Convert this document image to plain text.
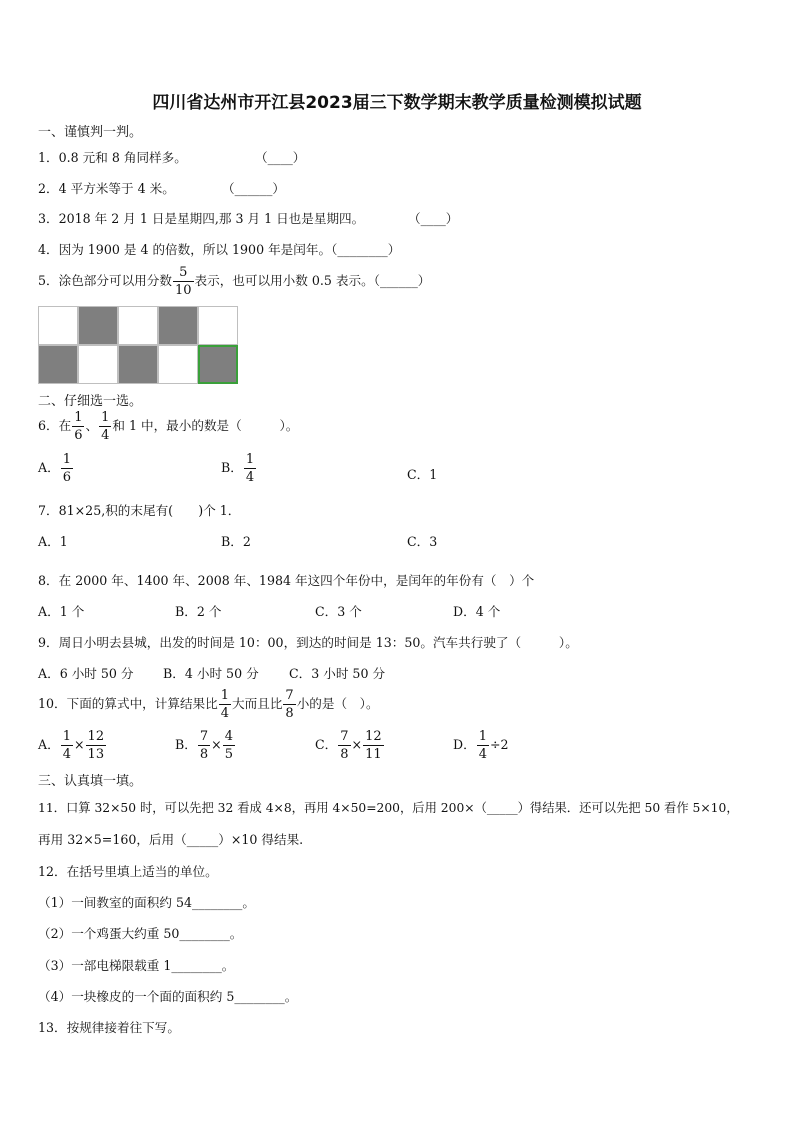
四川省达州市开江县2023届三下数学期末教学质量检测模拟试题
一、谨慎判一判。
1．0.8 元和 8 角同样多。	（____）
2．4 平方米等于 4 米。	（______）
3．2018 年 2 月 1 日是星期四,那 3 月 1 日也是星期四。	（____）
4．因为 1900 是 4 的倍数，所以 1900 年是闰年。（________）
5．涂色部分可以用分数 $\frac{5}{10}$ 表示，也可以用小数 0.5 表示。（______）
二、仔细选一选。
6．在 $\frac{1}{6}$ 、 $\frac{1}{4}$ 和 1 中，最小的数是（　　　）。
A． $\frac{1}{6}$	B． $\frac{1}{4}$	C．1
7．81×25,积的末尾有(　　)个 1．
A．1	B．2	C．3
8．在 2000 年、1400 年、2008 年、1984 年这四个年份中，是闰年的年份有（　）个
A．1 个	B．2 个	C．3 个	D．4 个
9．周日小明去县城，出发的时间是 10：00，到达的时间是 13：50。汽车共行驶了（　　　）。
A．6 小时 50 分 B．4 小时 50 分 C．3 小时 50 分
10．下面的算式中，计算结果比 $\frac{1}{4}$ 大而且比 $\frac{7}{8}$ 小的是（　）。
A． $\frac{1}{4} \times \frac{12}{13}$	B． $\frac{7}{8} \times \frac{4}{5}$	C． $\frac{7}{8} \times \frac{12}{11}$	D． $\frac{1}{4} \div 2$
三、认真填一填。
11．口算 32×50 时，可以先把 32 看成 4×8，再用 4×50=200，后用 200×（_____）得结果．还可以先把 50 看作 5×10，
再用 32×5=160，后用（_____）×10 得结果.
12．在括号里填上适当的单位。
（1）一间教室的面积约 54________。
（2）一个鸡蛋大约重 50________。
（3）一部电梯限载重 1________。
（4）一块橡皮的一个面的面积约 5________。
13．按规律接着往下写。
